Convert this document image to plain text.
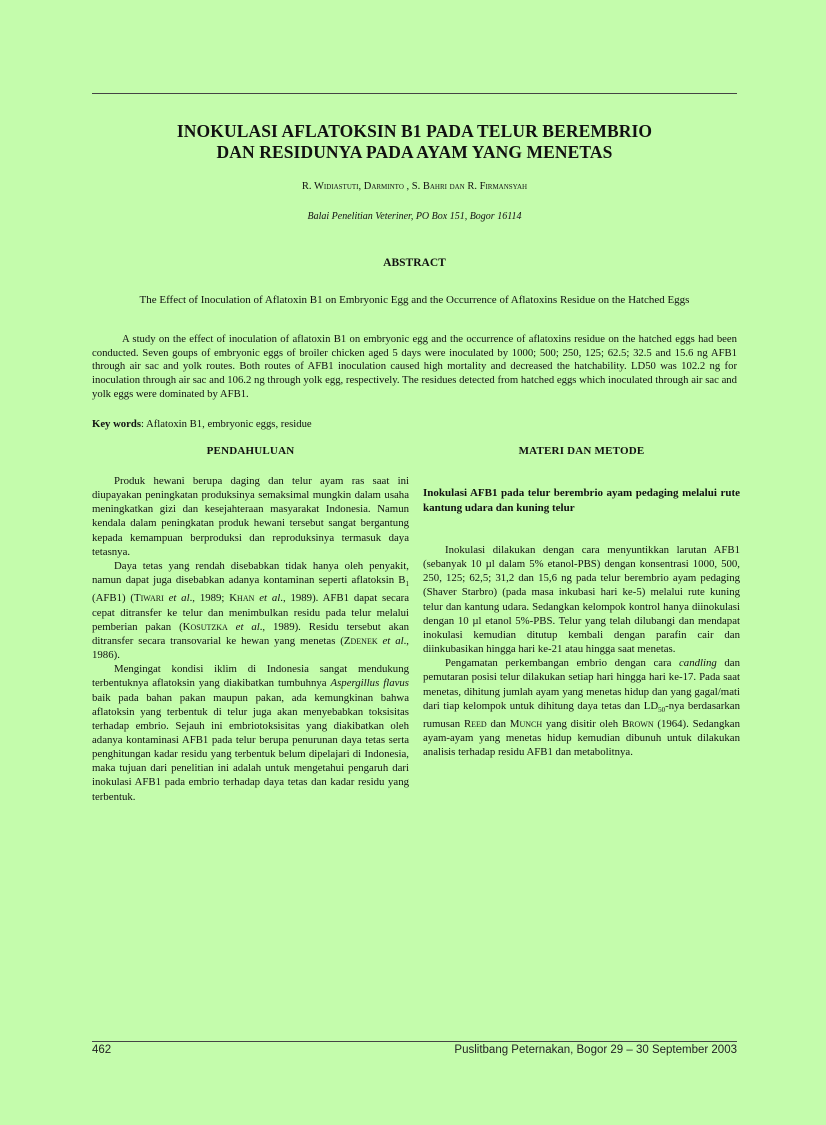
INOKULASI AFLATOKSIN B1 PADA TELUR BEREMBRIO
DAN RESIDUNYA PADA AYAM YANG MENETAS
R. Widiastuti, Darminto , S. Bahri dan R. Firmansyah
Balai Penelitian Veteriner, PO Box 151, Bogor 16114
ABSTRACT
The Effect of Inoculation of Aflatoxin B1 on Embryonic Egg and the Occurrence of Aflatoxins Residue on the Hatched Eggs

A study on the effect of inoculation of aflatoxin B1 on embryonic egg and the occurrence of aflatoxins residue on the hatched eggs had been conducted. Seven goups of embryonic eggs of broiler chicken aged 5 days were inoculated by 1000; 500; 250, 125; 62.5; 32.5 and 15.6 ng AFB1 through air sac and yolk routes. Both routes of AFB1 inoculation caused high mortality and decreased the hatchability. LD50 was 102.2 ng for inoculation through air sac and 106.2 ng through yolk egg, respectively. The residues detected from hatched eggs which inoculated through air sac and yolk eggs were dominated by AFB1.

Key words: Aflatoxin B1, embryonic eggs, residue
PENDAHULUAN

Produk hewani berupa daging dan telur ayam ras saat ini diupayakan peningkatan produksinya semaksimal mungkin dalam usaha meningkatkan gizi dan kesejahteraan masyarakat Indonesia. Namun kendala dalam peningkatan produk hewani tersebut sangat bergantung kepada kemampuan berproduksi dan reproduksinya termasuk daya tetasnya.

Daya tetas yang rendah disebabkan tidak hanya oleh penyakit, namun dapat juga disebabkan adanya kontaminan seperti aflatoksin $B_1$ (AFB1) (Tiwari et al., 1989; Khan et al., 1989). AFB1 dapat secara cepat ditransfer ke telur dan menimbulkan residu pada telur melalui pemberian pakan (Kosutzka et al., 1989). Residu tersebut akan ditransfer secara transovarial ke hewan yang menetas (Zdenek et al., 1986).

Mengingat kondisi iklim di Indonesia sangat mendukung terbentuknya aflatoksin yang diakibatkan tumbuhnya Aspergillus flavus baik pada bahan pakan maupun pakan, ada kemungkinan bahwa aflatoksin yang terbentuk di telur juga akan menyebabkan toksisitas terhadap embrio. Sejauh ini embriotoksisitas yang diakibatkan oleh adanya kontaminasi AFB1 pada telur berupa penurunan daya tetas serta penghitungan kadar residu yang terbentuk belum dipelajari di Indonesia, maka tujuan dari penelitian ini adalah untuk mengetahui pengaruh dari inokulasi AFB1 pada embrio terhadap daya tetas dan kadar residu yang terbentuk.

MATERI DAN METODE
Inokulasi AFB1 pada telur berembrio ayam pedaging melalui rute kantung udara dan kuning telur

Inokulasi dilakukan dengan cara menyuntikkan larutan AFB1 (sebanyak 10 µl dalam 5% etanol-PBS) dengan konsentrasi 1000, 500, 250, 125; 62,5; 31,2 dan 15,6 ng pada telur berembrio ayam pedaging (Shaver Starbro) (pada masa inkubasi hari ke-5) melalui rute kuning telur dan kantung udara. Sedangkan kelompok kontrol hanya diinokulasi dengan 10 µl etanol 5%-PBS. Telur yang telah dilubangi dan mendapat inokulasi kemudian ditutup kembali dengan parafin cair dan diinkubasikan hingga hari ke-21 atau hingga saat menetas.

Pengamatan perkembangan embrio dengan cara candling dan pemutaran posisi telur dilakukan setiap hari hingga hari ke-17. Pada saat menetas, dihitung jumlah ayam yang menetas hidup dan yang gagal/mati dari tiap kelompok untuk dihitung daya tetas dan $LD_{50}$-nya berdasarkan rumusan Reed dan Munch yang disitir oleh Brown (1964). Sedangkan ayam-ayam yang menetas hidup kemudian dibunuh untuk dilakukan analisis terhadap residu AFB1 dan metabolitnya.

462	Puslitbang Peternakan, Bogor 29 – 30 September 2003
